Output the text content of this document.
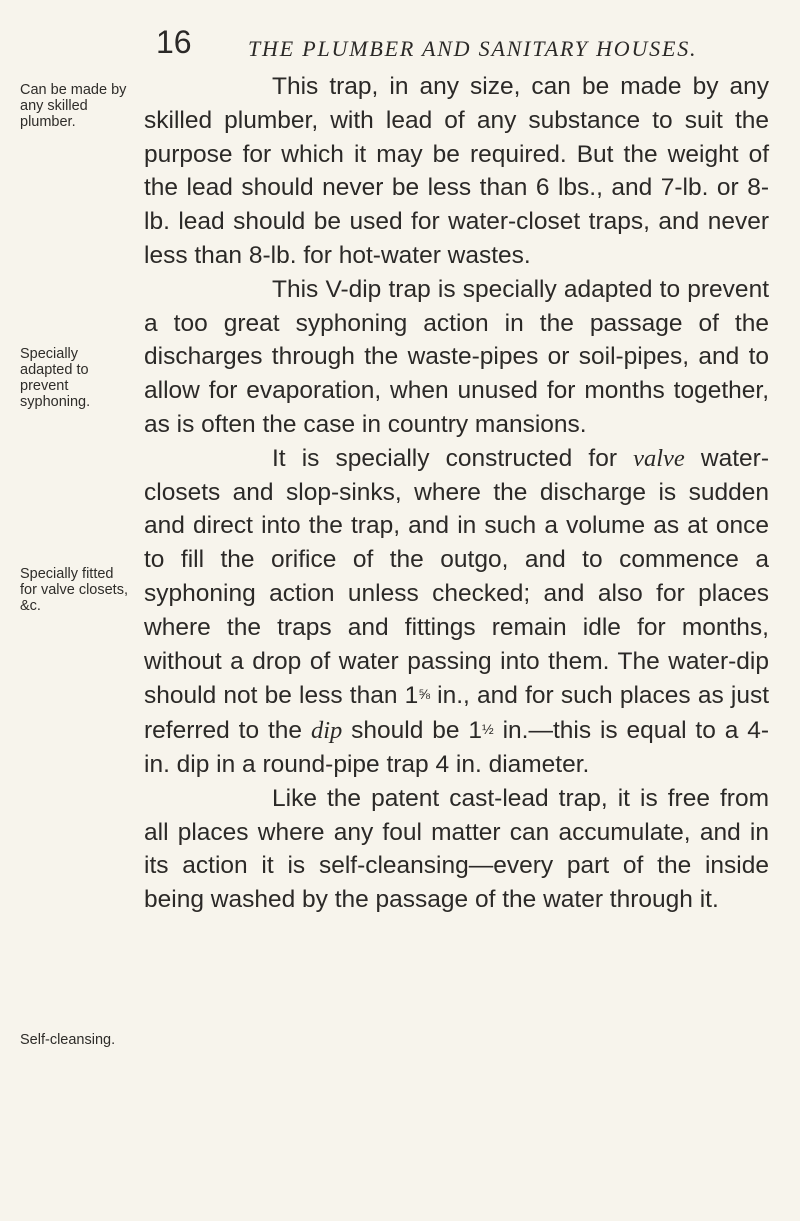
16	THE PLUMBER AND SANITARY HOUSES.
Can be made by any skilled plumber.
Specially adapted to prevent syphoning.
Specially fitted for valve closets, &c.
Self-cleansing.

This trap, in any size, can be made by any skilled plumber, with lead of any substance to suit the purpose for which it may be required. But the weight of the lead should never be less than 6 lbs., and 7-lb. or 8-lb. lead should be used for water-closet traps, and never less than 8-lb. for hot-water wastes.

This V-dip trap is specially adapted to prevent a too great syphoning action in the passage of the discharges through the waste-pipes or soil-pipes, and to allow for evaporation, when unused for months together, as is often the case in country mansions.

It is specially constructed for valve water-closets and slop-sinks, where the discharge is sudden and direct into the trap, and in such a volume as at once to fill the orifice of the outgo, and to commence a syphoning action unless checked; and also for places where the traps and fittings remain idle for months, without a drop of water passing into them. The water-dip should not be less than 1⅝ in., and for such places as just referred to the dip should be 1½ in.—this is equal to a 4-in. dip in a round-pipe trap 4 in. diameter.

Like the patent cast-lead trap, it is free from all places where any foul matter can accumulate, and in its action it is self-cleansing—every part of the inside being washed by the passage of the water through it.
